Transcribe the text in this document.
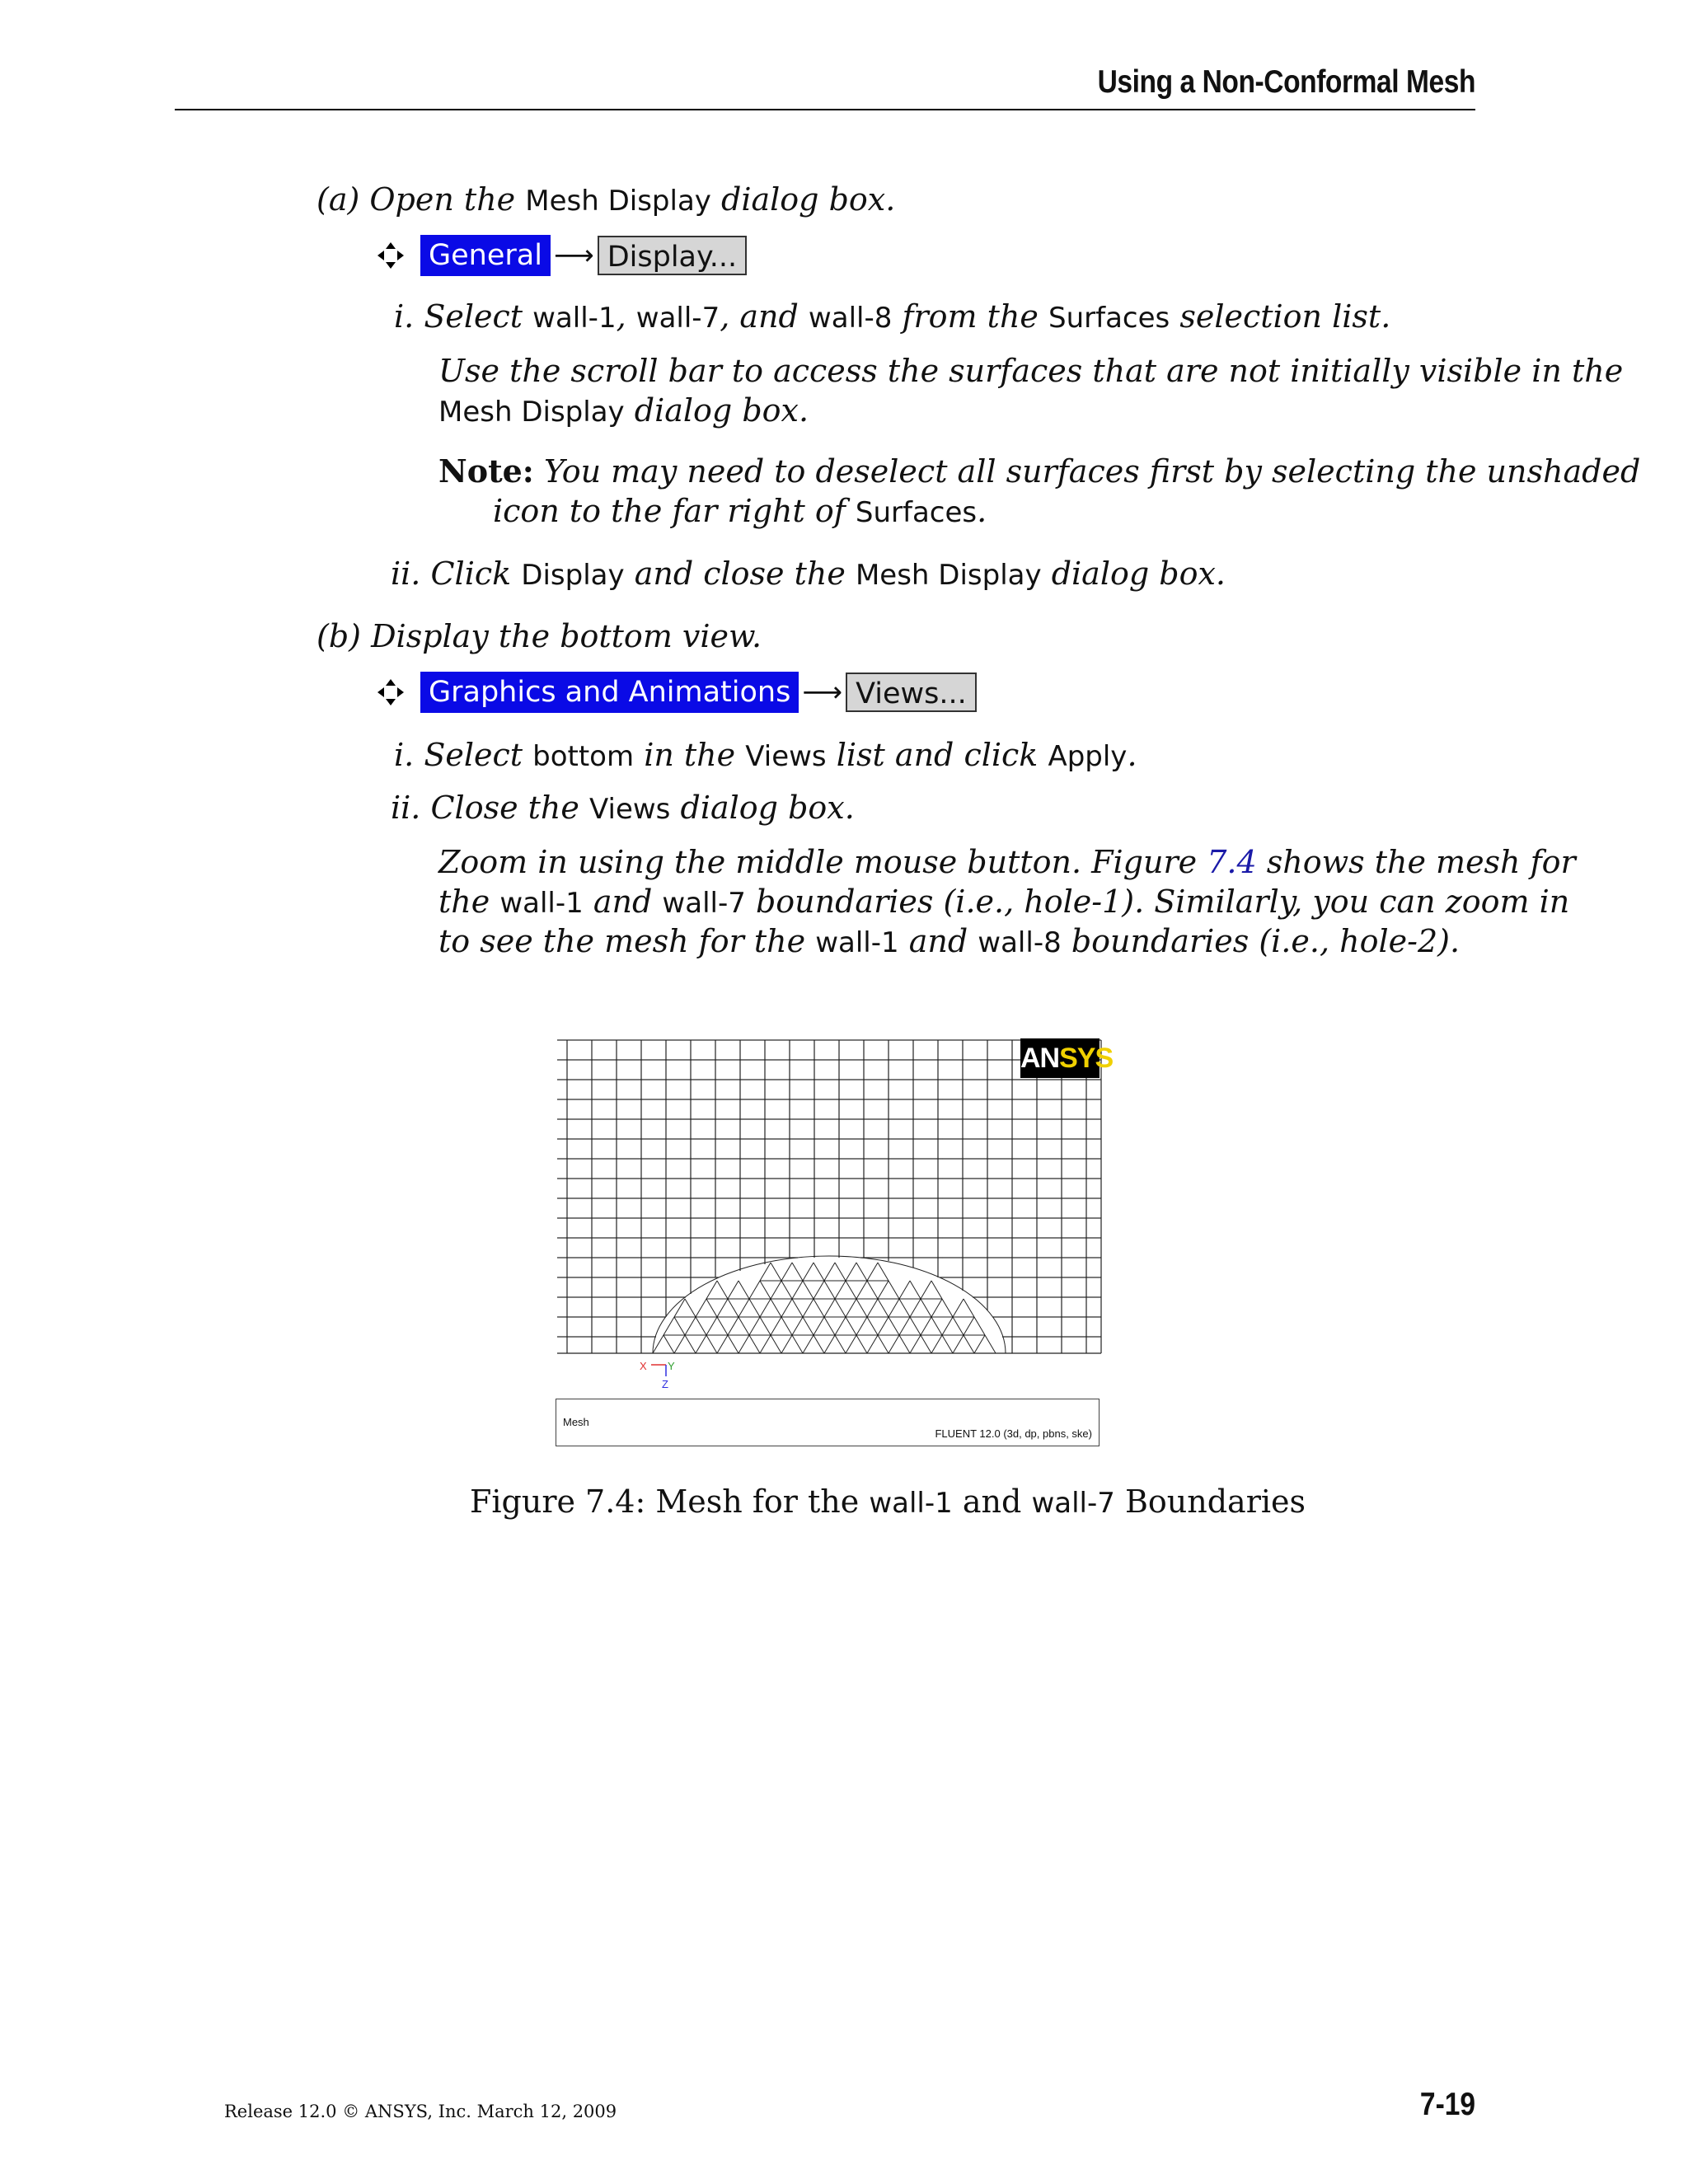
Using a Non-Conformal Mesh
(a) Open the Mesh Display dialog box.
General ⟶ Display...
i. Select wall-1, wall-7, and wall-8 from the Surfaces selection list.
Use the scroll bar to access the surfaces that are not initially visible in the
Mesh Display dialog box.
Note: You may need to deselect all surfaces first by selecting the unshaded
icon to the far right of Surfaces.
ii. Click Display and close the Mesh Display dialog box.
(b) Display the bottom view.
Graphics and Animations ⟶ Views...
i. Select bottom in the Views list and click Apply.
ii. Close the Views dialog box.
Zoom in using the middle mouse button. Figure 7.4 shows the mesh for
the wall-1 and wall-7 boundaries (i.e., hole-1). Similarly, you can zoom in
to see the mesh for the wall-1 and wall-8 boundaries (i.e., hole-2).
X Y
Z
ANSYS
Mesh
FLUENT 12.0 (3d, dp, pbns, ske)
Figure 7.4: Mesh for the wall-1 and wall-7 Boundaries
Release 12.0 © ANSYS, Inc. March 12, 2009	7-19
